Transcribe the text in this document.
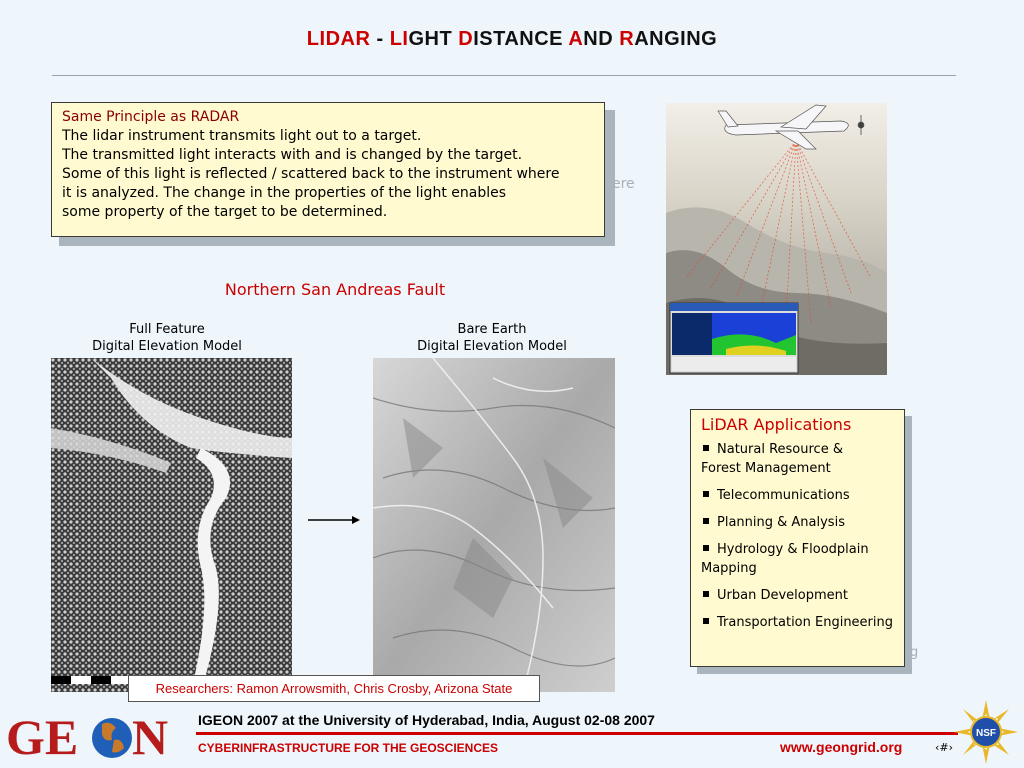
LIDAR - LIGHT DISTANCE AND RANGING
Same Principle as RADAR
The lidar instrument transmits light out to a target.
The transmitted light interacts with and is changed by the target.
Some of this light is reflected / scattered back to the instrument where
it is analyzed. The change in the properties of the light enables
some property of the target to be determined.
ere
Northern San Andreas Fault
Full Feature
Digital Elevation Model
Bare Earth
Digital Elevation Model
Researchers: Ramon Arrowsmith, Chris Crosby, Arizona State
LiDAR Applications
Natural Resource &
Forest Management
Telecommunications
Planning & Analysis
Hydrology & Floodplain
Mapping
Urban Development
Transportation Engineering
g
GE N IGEON 2007 at the University of Hyderabad, India, August 02-08 2007
CYBERINFRASTRUCTURE FOR THE GEOSCIENCES	www.geongrid.org	‹#›
NSF
